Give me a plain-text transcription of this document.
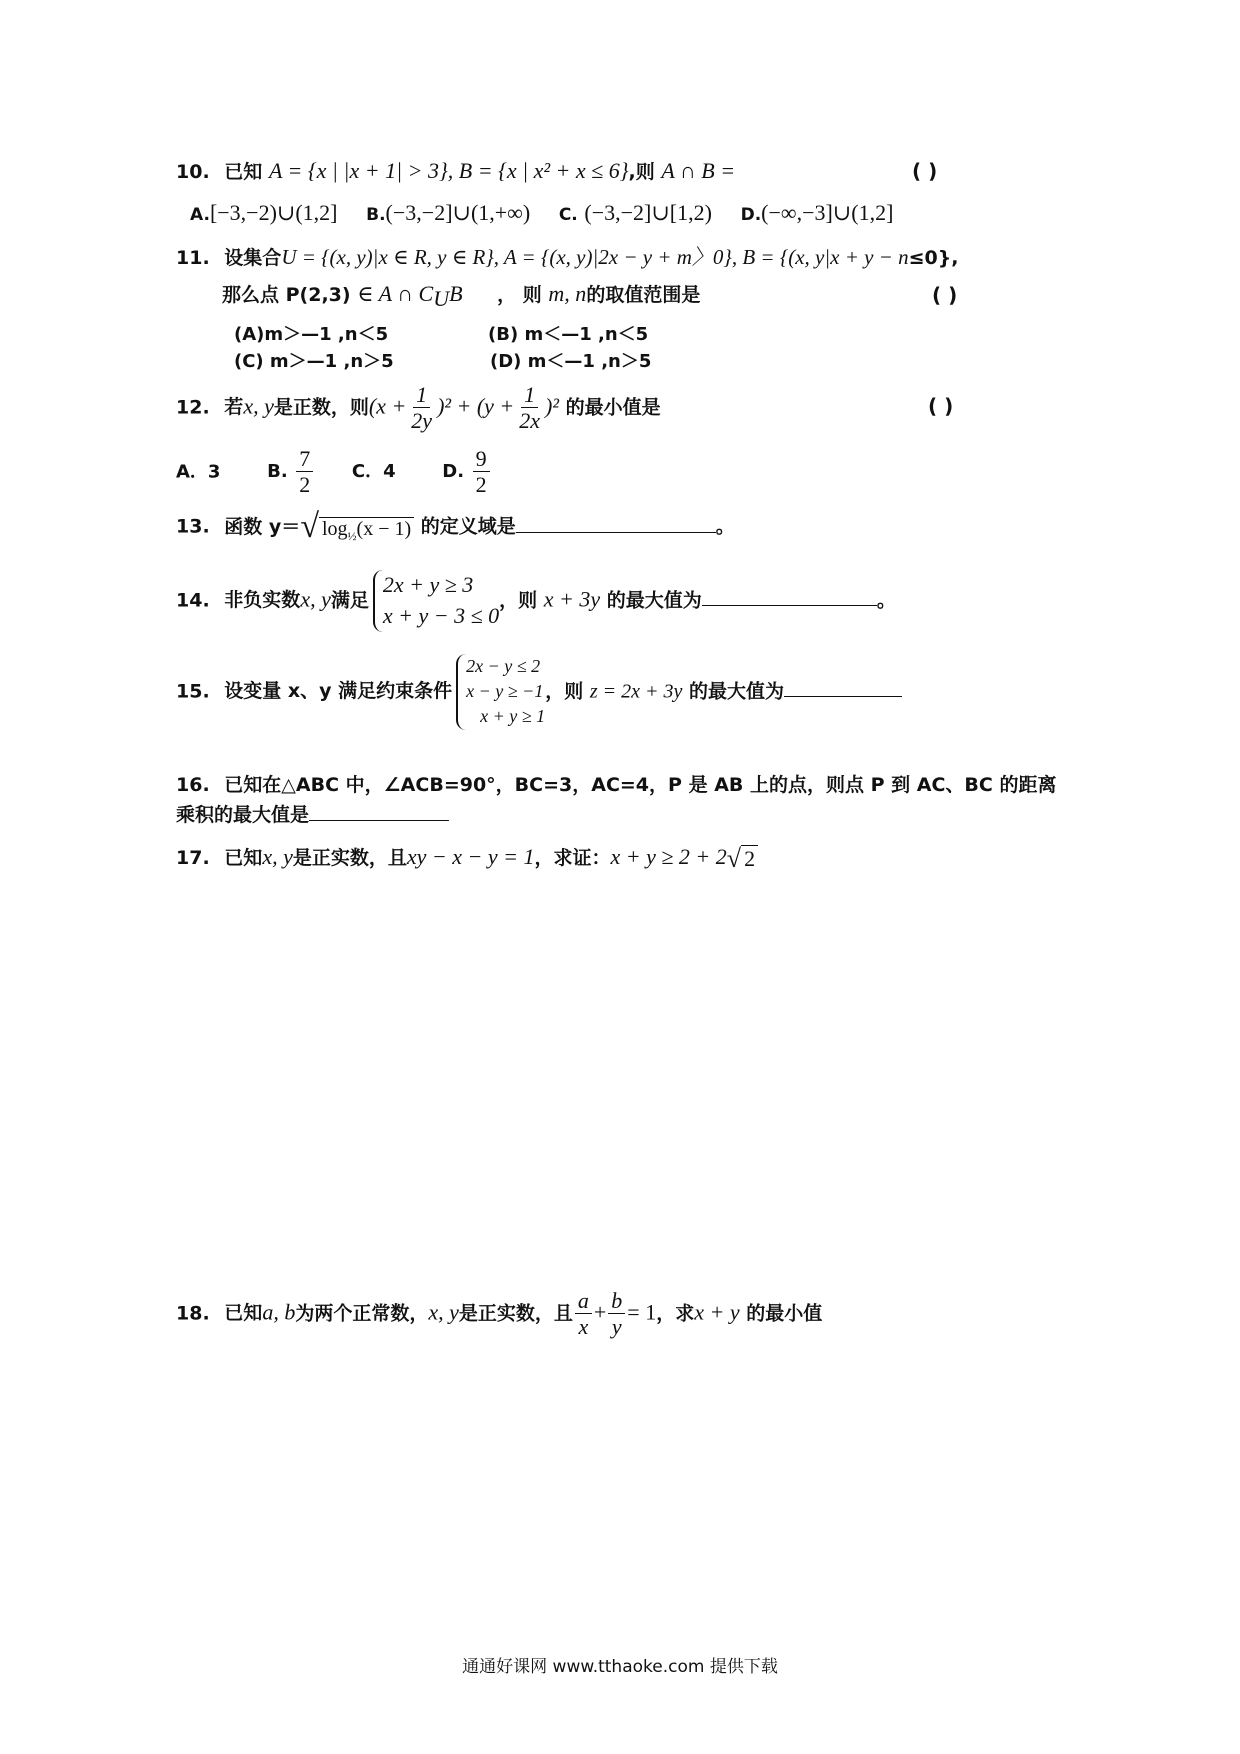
10. 已知 A = {x | |x + 1| > 3}, B = {x | x² + x ≤ 6},则 A ∩ B =	( )
A.[−3,−2)∪(1,2] B.(−3,−2]∪(1,+∞) C. (−3,−2]∪[1,2) D.(−∞,−3]∪(1,2]
11. 设集合U = {(x, y)|x ∈ R, y ∈ R}, A = {(x, y)|2x − y + m〉0}, B = {(x, y|x + y − n≤0},
那么点 P(2,3) ∈ A ∩ $C_UB$ ， 则 m, n的取值范围是	( )
(A)m＞—1 ,n＜5	(B) m＜—1 ,n＜5
(C) m＞—1 ,n＞5	(D) m＜—1 ,n＞5
12. 若x, y是正数，则$(x + \frac{1}{2y} )^2 + (y + \frac{1}{2x} )^2$ 的最小值是	( )
A．3	B. $\frac{7}{2}$ C．4	D. $\frac{9}{2}$
13. 函数 y＝ √ $\log_{\frac{1}{2}}(x - 1)$ 的定义域是	。
14. 非负实数x, y满足
2x + y ≥ 3
x + y − 3 ≤ 0
，则 x + 3y 的最大值为	。
15. 设变量 x、y 满足约束条件
2x − y ≤ 2
x − y ≥ −1
x + y ≥ 1
，则 z = 2x + 3y 的最大值为
16. 已知在△ABC 中，∠ACB=90°，BC=3，AC=4，P 是 AB 上的点，则点 P 到 AC、BC 的距离
乘积的最大值是
17. 已知x, y是正实数，且xy − x − y = 1，求证：x + y ≥ 2 + 2 √ 2
18. 已知a, b为两个正常数，x, y是正实数，且 $\frac{a}{x} + \frac{b}{y} = 1$，求x + y 的最小值
通通好课网 www.tthaoke.com 提供下载
